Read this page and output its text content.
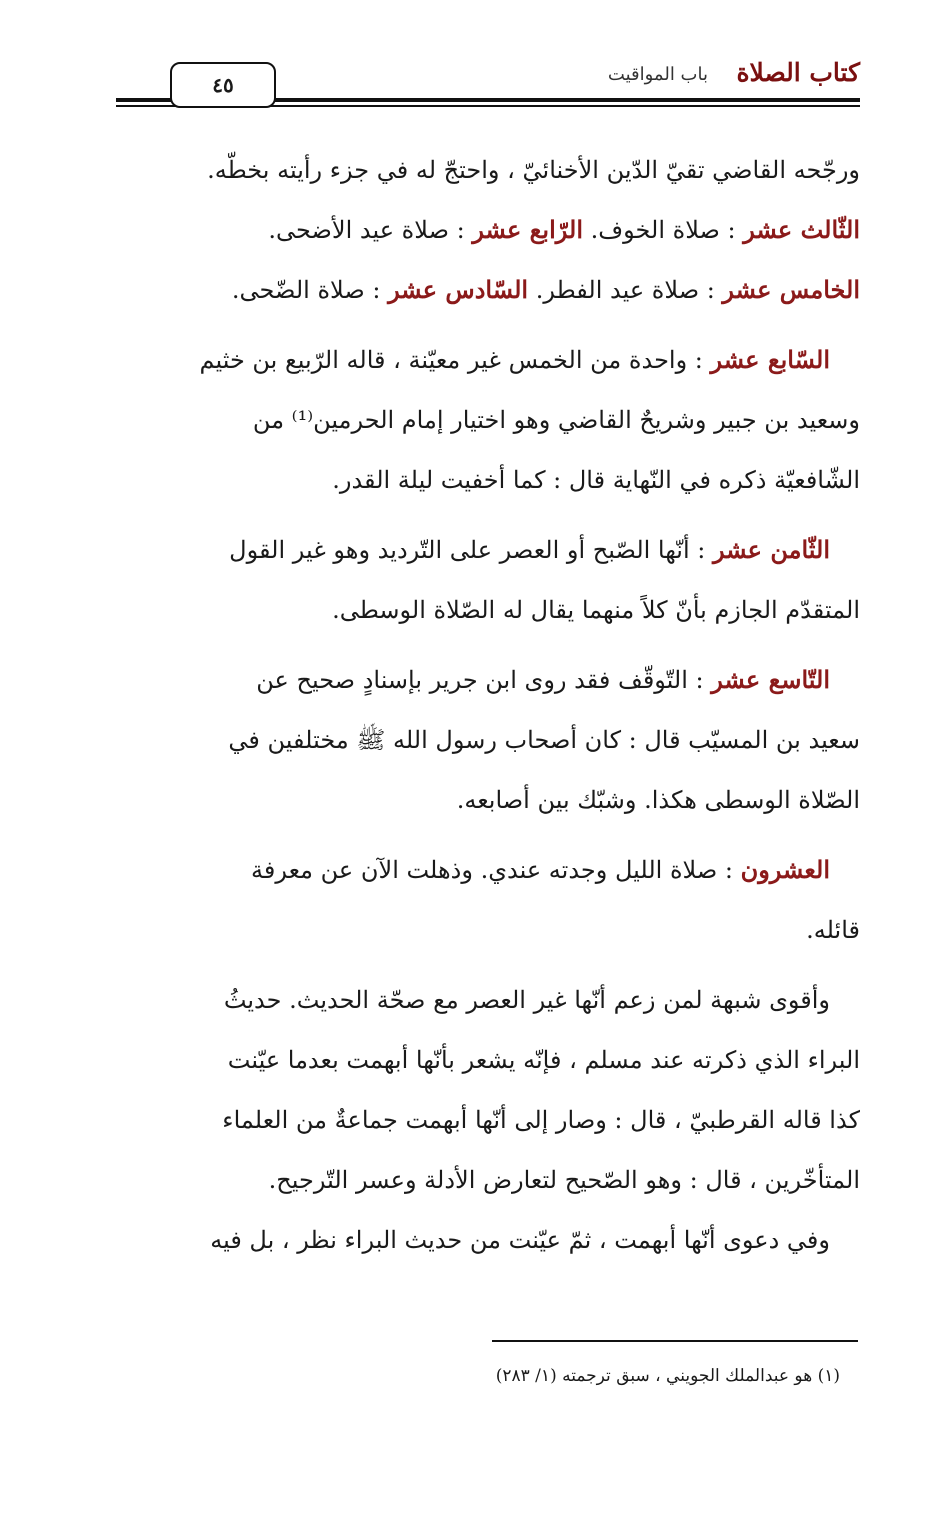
كتاب الصلاة
باب المواقيت
٤٥
ورجّحه القاضي تقيّ الدّين الأخنائيّ ، واحتجّ له في جزء رأيته بخطّه.
الثّالث عشر : صلاة الخوف. الرّابع عشر : صلاة عيد الأضحى.
الخامس عشر : صلاة عيد الفطر. السّادس عشر : صلاة الضّحى.
السّابع عشر : واحدة من الخمس غير معيّنة ، قاله الرّبيع بن خثيم
وسعيد بن جبير وشريحٌ القاضي وهو اختيار إمام الحرمين⁽¹⁾ من
الشّافعيّة ذكره في النّهاية قال : كما أخفيت ليلة القدر.
الثّامن عشر : أنّها الصّبح أو العصر على التّرديد وهو غير القول
المتقدّم الجازم بأنّ كلاً منهما يقال له الصّلاة الوسطى.
التّاسع عشر : التّوقّف فقد روى ابن جرير بإسنادٍ صحيح عن
سعيد بن المسيّب قال : كان أصحاب رسول الله ﷺ مختلفين في
الصّلاة الوسطى هكذا. وشبّك بين أصابعه.
العشرون : صلاة الليل وجدته عندي. وذهلت الآن عن معرفة
قائله.
وأقوى شبهة لمن زعم أنّها غير العصر مع صحّة الحديث. حديثُ
البراء الذي ذكرته عند مسلم ، فإنّه يشعر بأنّها أبهمت بعدما عيّنت
كذا قاله القرطبيّ ، قال : وصار إلى أنّها أبهمت جماعةٌ من العلماء
المتأخّرين ، قال : وهو الصّحيح لتعارض الأدلة وعسر التّرجيح.
وفي دعوى أنّها أبهمت ، ثمّ عيّنت من حديث البراء نظر ، بل فيه
(١) هو عبدالملك الجويني ، سبق ترجمته (١/ ٢٨٣)
